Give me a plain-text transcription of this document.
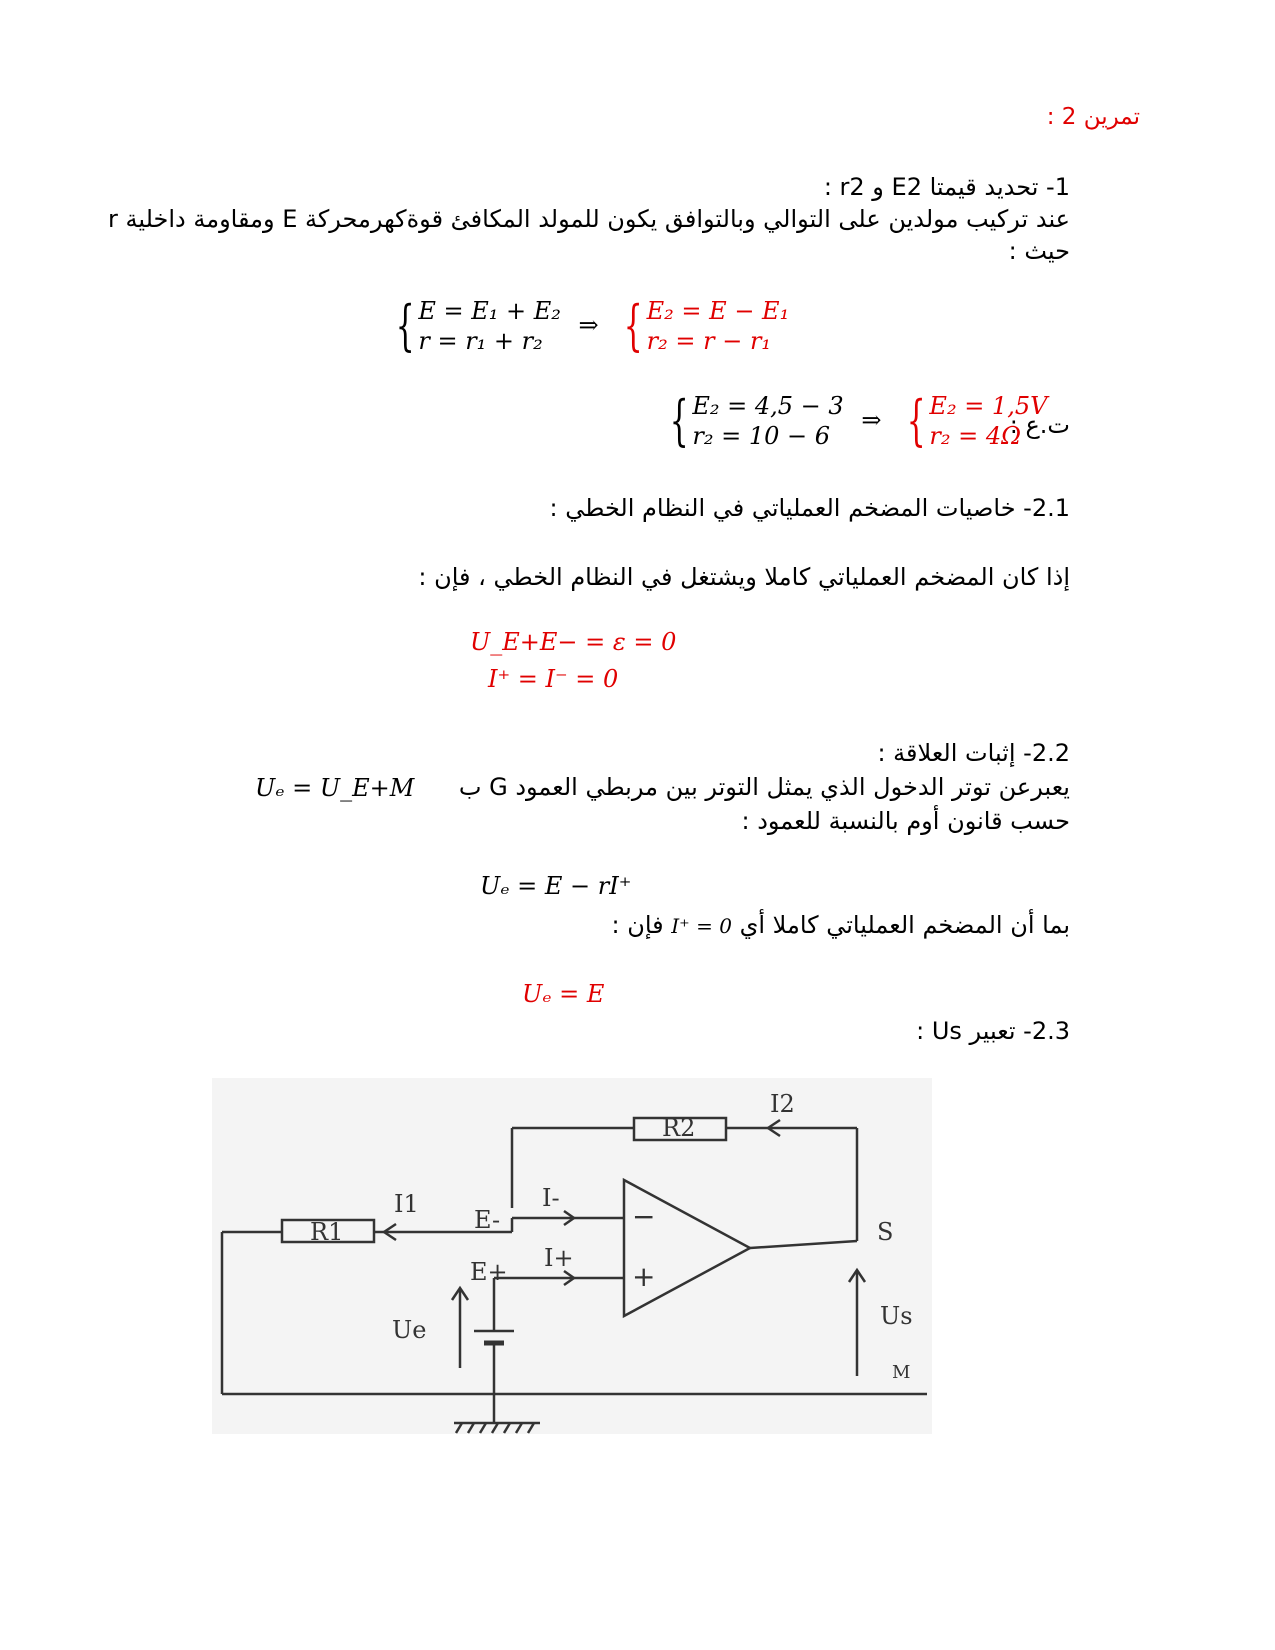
تمرين 2 :
1- تحديد قيمتا E2 و r2 :
عند تركيب مولدين على التوالي وبالتوافق يكون للمولد المكافئ قوةكهرمحركة E ومقاومة داخلية r حيث :
{ E = E₁ + E₂
r = r₁ + r₂
⇒ { E₂ = E − E₁
r₂ = r − r₁
{ E₂ = 4,5 − 3
r₂ = 10 − 6
⇒ { E₂ = 1,5V
r₂ = 4Ω
ت.ع :
2.1- خاصيات المضخم العملياتي في النظام الخطي :
إذا كان المضخم العملياتي كاملا ويشتغل في النظام الخطي ، فإن :
U_E+E− = ε = 0
I⁺ = I⁻ = 0
2.2- إثبات العلاقة :
يعبرعن توتر الدخول الذي يمثل التوتر بين مربطي العمود G ب
Uₑ = U_E+M
حسب قانون أوم بالنسبة للعمود :
Uₑ = E − rI⁺
بما أن المضخم العملياتي كاملا أي I⁺ = 0 فإن :
Uₑ = E
2.3- تعبير Us :
R2
I2
R1
I1
E-
I-
E+ I+
S
Us
Ue
M
−
+
